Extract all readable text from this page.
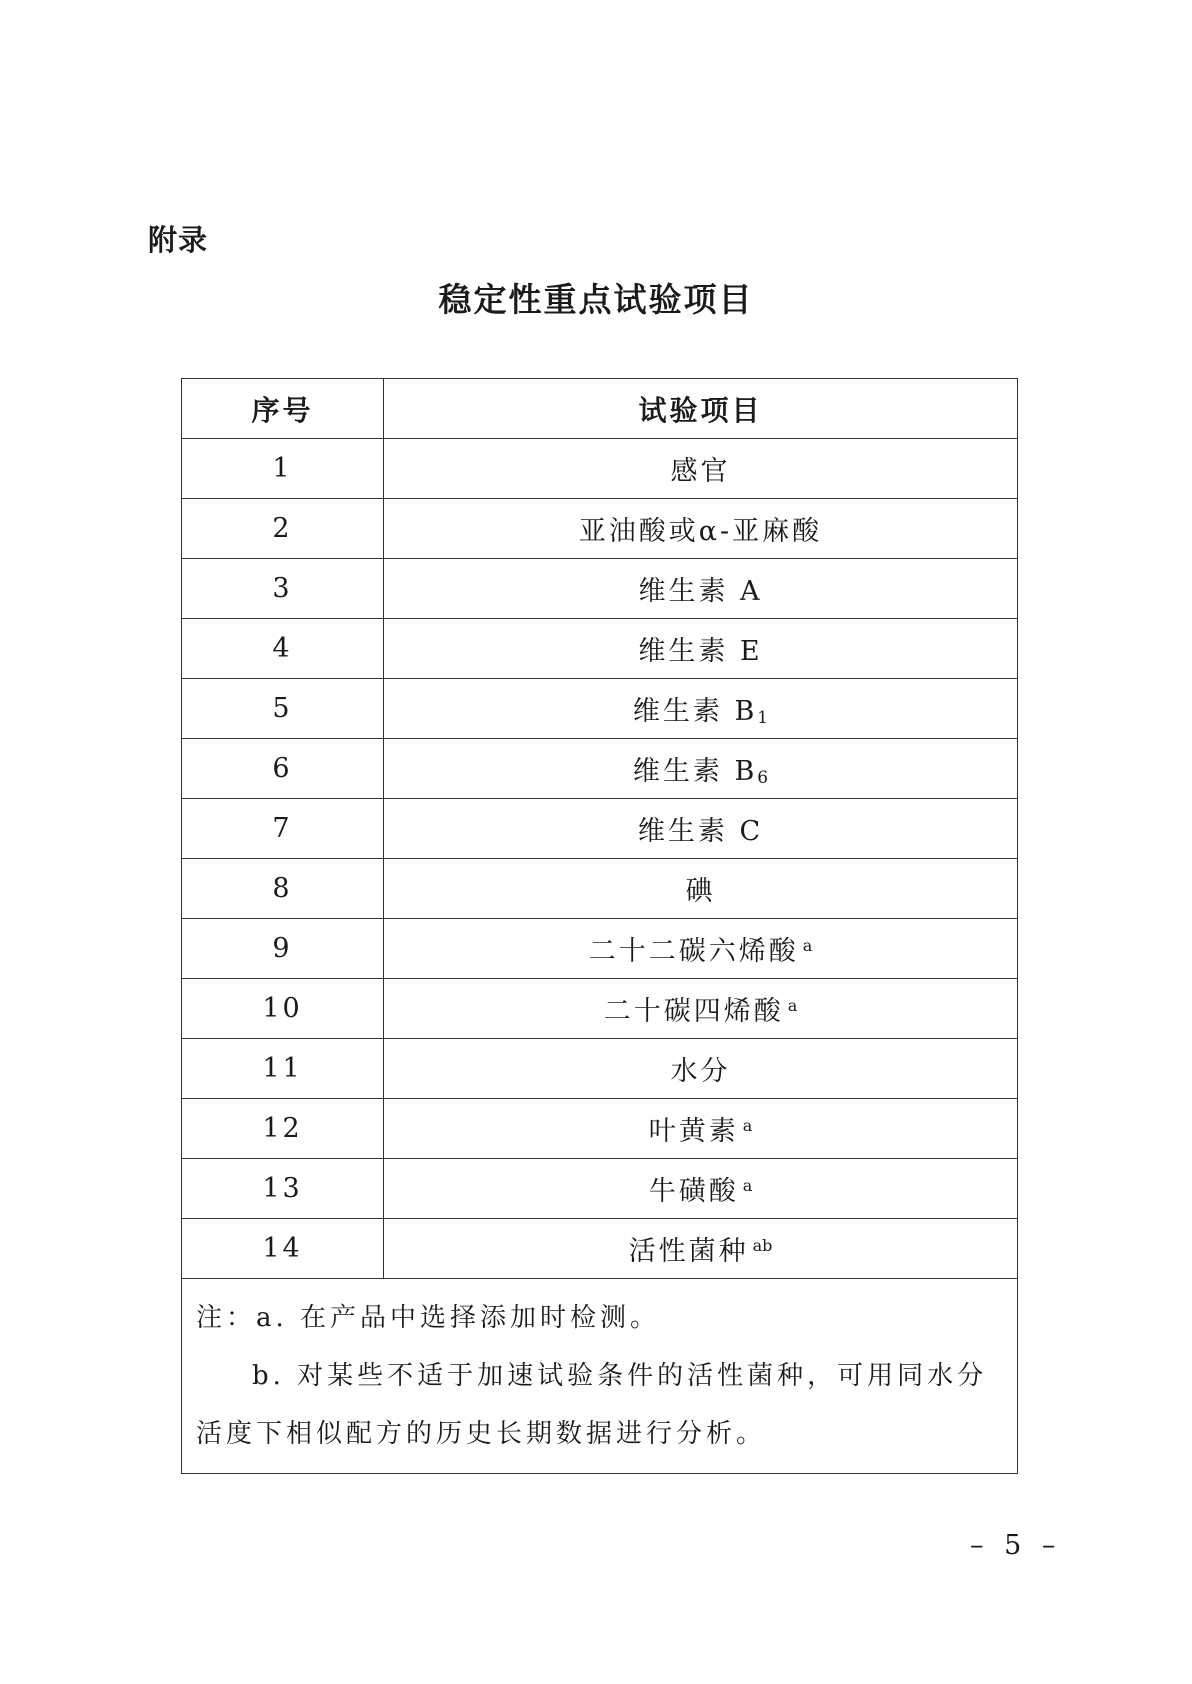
附录
稳定性重点试验项目
序号	试验项目
1	感官
2	亚油酸或α-亚麻酸
3	维生素 A
4	维生素 E
5	维生素 $B_1$
6	维生素 $B_6$
7	维生素 C
8	碘
9	二十二碳六烯酸 $^a$
10	二十碳四烯酸 $^a$
11	水分
12	叶黄素 $^a$
13	牛磺酸 $^a$
14	活性菌种 $^{ab}$

注：a. 在产品中选择添加时检测。
b. 对某些不适于加速试验条件的活性菌种，可用同水分活度下相似配方的历史长期数据进行分析。	
– 5 –
